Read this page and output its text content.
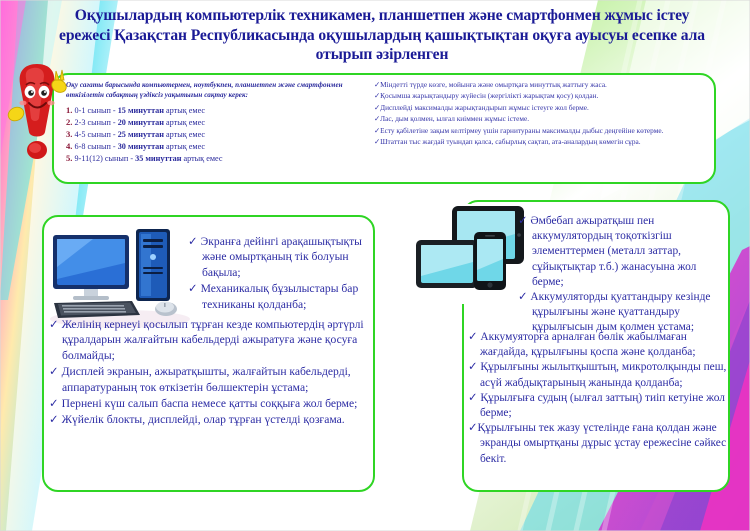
Оқушылардың компьютерлік техникамен, планшетпен және смартфонмен жұмыс істеу ережесі Қазақстан Республикасында оқушылардың қашықтықтан оқуға ауысуы есепке ала отырып әзірленген
Оқу сағаты барысында компьютермен, ноутбукпен, планшетпен және смартфонмен өткізілетін сабақтың үздіксіз уақытығын сақтау керек:
1. 0-1 сынып - 15 минуттан артық емес
2. 2-3 сынып - 20 минуттан артық емес
3. 4-5 сынып - 25 минуттан артық емес
4. 6-8 сынып - 30 минуттан артық емес
5. 9-11(12) сынып - 35 минуттан артық емес
✓Міндетті түрде көзге, мойынға және омыртқаға минуттық жаттығу жаса.
✓Қосымша жарықтандыру жүйесін (жергілікті жарықтам қосу) қолдан.
✓Дисплейді максималды жарықтандырып жұмыс істеуге жол берме.
✓Лас, дым қолмен, ылғал киіммен жұмыс істеме.
✓Есту қабілетіне зақым келтірмеу үшін гарнитураны максималды дыбыс деңгейіне көтерме.
✓Штаттан тыс жағдай туындап қалса, сабырлық сақтап, ата-аналардың көмегін сұра.
✓ Экранға дейінгі арақашықтықты және омыртқаның тік болуын бақыла;
✓ Механикалық бұзылыстары бар техниканы қолданба;
✓ Желінің кернеуі қосылып тұрған кезде компьютердің әртүрлі құралдарын жалғайтын кабельдерді ажыратуға және қосуға болмайды;
✓ Дисплей экранын, ажыратқышты, жалғайтын кабельдерді, аппаратураның ток өткізетін бөлшектерін ұстама;
✓ Пернені күш салып баспа немесе қатты соққыға жол берме;
✓ Жүйелік блокты, дисплейді, олар тұрған үстелді қозғама.
✓ Әмбебап ажыратқыш пен аккумулятордың тоқоткізгіш элементтермен (металл заттар, сұйықтықтар т.б.) жанасуына жол берме;
✓ Аккумуляторды қуаттандыру кезінде құрылғыны және қуаттандыру құрылғысын дым қолмен ұстама;
✓ Аккумуяторға арналған бөлік жабылмаған жағдайда, құрылғыны қоспа және қолданба;
✓ Құрылғыны жылытқыштың, микротолқынды пеш, асүй жабдықтарының жанында қолданба;
✓ Құрылғыға судың (ылғал заттың) тиіп кетуіне жол берме;
✓Құрылғыны тек жазу үстелінде ғана қолдан және экранды омыртқаны дұрыс ұстау ережесіне сәйкес бекіт.
